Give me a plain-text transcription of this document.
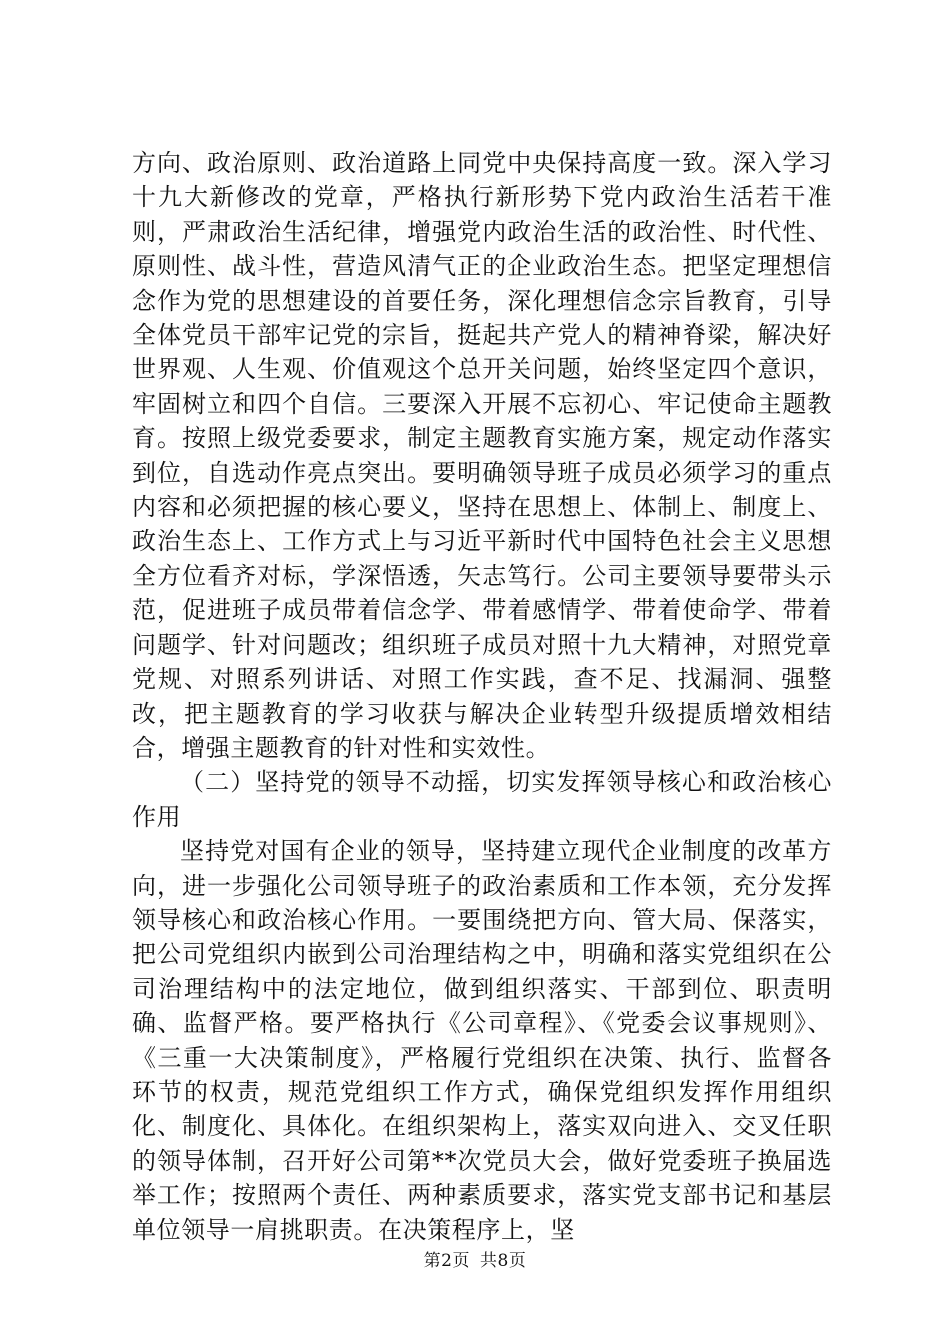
方向、政治原则、政治道路上同党中央保持高度一致。深入学习十九大新修改的党章，严格执行新形势下党内政治生活若干准则，严肃政治生活纪律，增强党内政治生活的政治性、时代性、原则性、战斗性，营造风清气正的企业政治生态。把坚定理想信念作为党的思想建设的首要任务，深化理想信念宗旨教育，引导全体党员干部牢记党的宗旨，挺起共产党人的精神脊梁，解决好世界观、人生观、价值观这个总开关问题，始终坚定四个意识，牢固树立和四个自信。三要深入开展不忘初心、牢记使命主题教育。按照上级党委要求，制定主题教育实施方案，规定动作落实到位，自选动作亮点突出。要明确领导班子成员必须学习的重点内容和必须把握的核心要义，坚持在思想上、体制上、制度上、政治生态上、工作方式上与习近平新时代中国特色社会主义思想全方位看齐对标，学深悟透，矢志笃行。公司主要领导要带头示范，促进班子成员带着信念学、带着感情学、带着使命学、带着问题学、针对问题改；组织班子成员对照十九大精神，对照党章党规、对照系列讲话、对照工作实践，查不足、找漏洞、强整改，把主题教育的学习收获与解决企业转型升级提质增效相结合，增强主题教育的针对性和实效性。

（二）坚持党的领导不动摇，切实发挥领导核心和政治核心作用

坚持党对国有企业的领导，坚持建立现代企业制度的改革方向，进一步强化公司领导班子的政治素质和工作本领，充分发挥领导核心和政治核心作用。一要围绕把方向、管大局、保落实，把公司党组织内嵌到公司治理结构之中，明确和落实党组织在公司治理结构中的法定地位，做到组织落实、干部到位、职责明确、监督严格。要严格执行《公司章程》、《党委会议事规则》、《三重一大决策制度》，严格履行党组织在决策、执行、监督各环节的权责，规范党组织工作方式，确保党组织发挥作用组织化、制度化、具体化。在组织架构上，落实双向进入、交叉任职的领导体制，召开好公司第**次党员大会，做好党委班子换届选举工作；按照两个责任、两种素质要求，落实党支部书记和基层单位领导一肩挑职责。在决策程序上，坚

第2页 共8页
